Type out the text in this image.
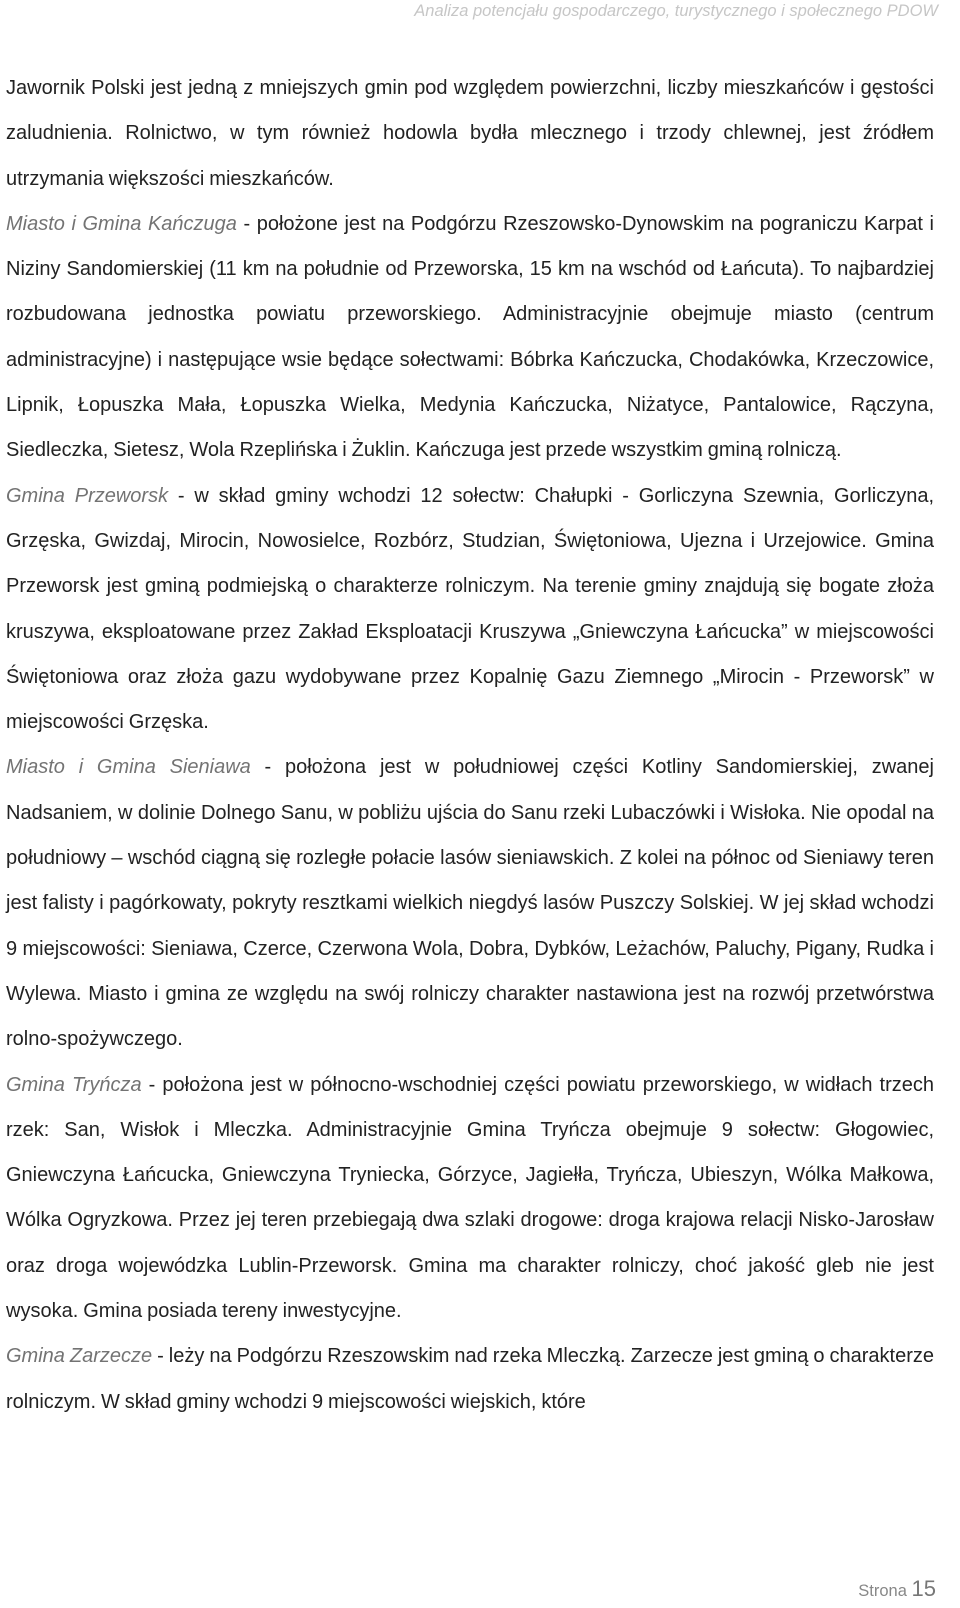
Analiza potencjału gospodarczego, turystycznego i społecznego PDOW

Jawornik Polski jest jedną z mniejszych gmin pod względem powierzchni, liczby mieszkańców i gęstości zaludnienia. Rolnictwo, w tym również hodowla bydła mlecznego i trzody chlewnej, jest źródłem utrzymania większości mieszkańców.

Miasto i Gmina Kańczuga - położone jest na Podgórzu Rzeszowsko-Dynowskim na pograniczu Karpat i Niziny Sandomierskiej (11 km na południe od Przeworska, 15 km na wschód od Łańcuta). To najbardziej rozbudowana jednostka powiatu przeworskiego. Administracyjnie obejmuje miasto (centrum administracyjne) i następujące wsie będące sołectwami: Bóbrka Kańczucka, Chodakówka, Krzeczowice, Lipnik, Łopuszka Mała, Łopuszka Wielka, Medynia Kańczucka, Niżatyce, Pantalowice, Rączyna, Siedleczka, Sietesz, Wola Rzeplińska i Żuklin. Kańczuga jest przede wszystkim gminą rolniczą.

Gmina Przeworsk - w skład gminy wchodzi 12 sołectw: Chałupki - Gorliczyna Szewnia, Gorliczyna, Grzęska, Gwizdaj, Mirocin, Nowosielce, Rozbórz, Studzian, Świętoniowa, Ujezna i Urzejowice. Gmina Przeworsk jest gminą podmiejską o charakterze rolniczym. Na terenie gminy znajdują się bogate złoża kruszywa, eksploatowane przez Zakład Eksploatacji Kruszywa „Gniewczyna Łańcucka” w miejscowości Świętoniowa oraz złoża gazu wydobywane przez Kopalnię Gazu Ziemnego „Mirocin - Przeworsk” w miejscowości Grzęska.

Miasto i Gmina Sieniawa - położona jest w południowej części Kotliny Sandomierskiej, zwanej Nadsaniem, w dolinie Dolnego Sanu, w pobliżu ujścia do Sanu rzeki Lubaczówki i Wisłoka. Nie opodal na południowy – wschód ciągną się rozległe połacie lasów sieniawskich. Z kolei na północ od Sieniawy teren jest falisty i pagórkowaty, pokryty resztkami wielkich niegdyś lasów Puszczy Solskiej. W jej skład wchodzi 9 miejscowości: Sieniawa, Czerce, Czerwona Wola, Dobra, Dybków, Leżachów, Paluchy, Pigany, Rudka i Wylewa. Miasto i gmina ze względu na swój rolniczy charakter nastawiona jest na rozwój przetwórstwa rolno-spożywczego.

Gmina Tryńcza - położona jest w północno-wschodniej części powiatu przeworskiego, w widłach trzech rzek: San, Wisłok i Mleczka. Administracyjnie Gmina Tryńcza obejmuje 9 sołectw: Głogowiec, Gniewczyna Łańcucka, Gniewczyna Tryniecka, Górzyce, Jagiełła, Tryńcza, Ubieszyn, Wólka Małkowa, Wólka Ogryzkowa. Przez jej teren przebiegają dwa szlaki drogowe: droga krajowa relacji Nisko-Jarosław oraz droga wojewódzka Lublin-Przeworsk. Gmina ma charakter rolniczy, choć jakość gleb nie jest wysoka. Gmina posiada tereny inwestycyjne.

Gmina Zarzecze - leży na Podgórzu Rzeszowskim nad rzeka Mleczką. Zarzecze jest gminą o charakterze rolniczym. W skład gminy wchodzi 9 miejscowości wiejskich, które

Strona 15
